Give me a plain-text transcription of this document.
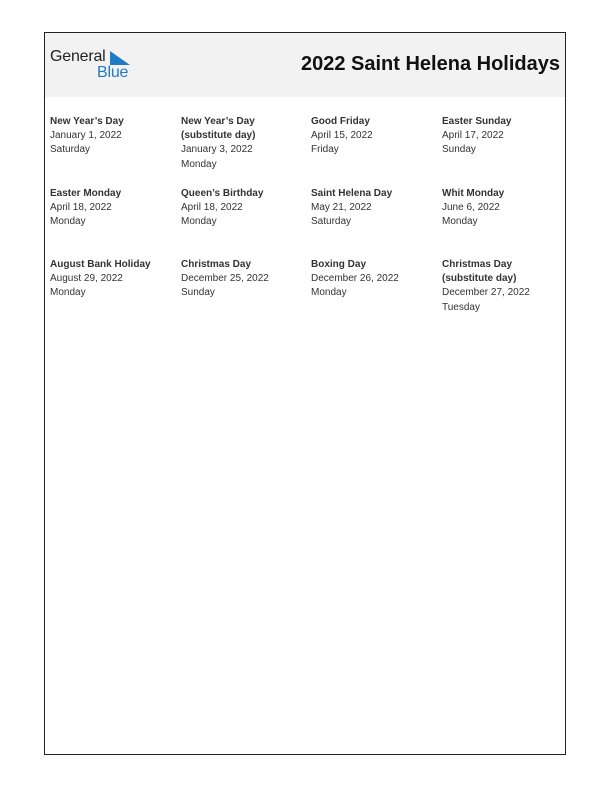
General
Blue	2022 Saint Helena Holidays
New Year’s Day
January 1, 2022
Saturday
New Year’s Day (substitute day)
January 3, 2022
Monday
Good Friday
April 15, 2022
Friday
Easter Sunday
April 17, 2022
Sunday
Easter Monday
April 18, 2022
Monday
Queen’s Birthday
April 18, 2022
Monday
Saint Helena Day
May 21, 2022
Saturday
Whit Monday
June 6, 2022
Monday
August Bank Holiday
August 29, 2022
Monday
Christmas Day
December 25, 2022
Sunday
Boxing Day
December 26, 2022
Monday
Christmas Day (substitute day)
December 27, 2022
Tuesday
